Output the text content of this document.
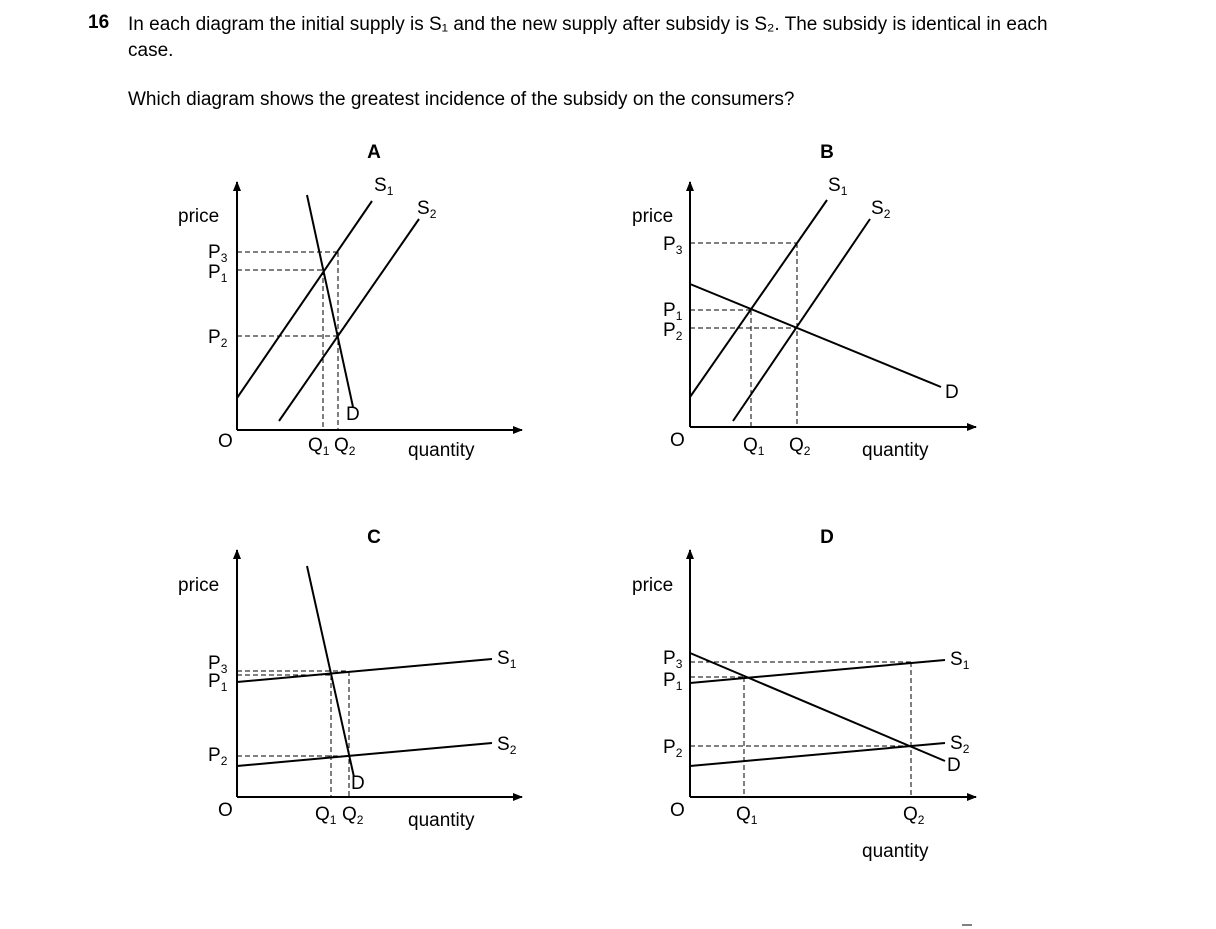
16 In each diagram the initial supply is S₁ and the new supply after subsidy is S₂. The subsidy is identical in each case.
Which diagram shows the greatest incidence of the subsidy on the consumers?
A
price
quantity
O
$S_1$
$S_2$
D
$P_3$
$P_1$
$P_2$
$Q_1$ $Q_2$
B
price
quantity
O
$S_1$
$S_2$
D
$P_3$
$P_1$
$P_2$
$Q_1$ $Q_2$
C
price
quantity
O
$S_1$
$S_2$
D
$P_3$
$P_1$
$P_2$
$Q_1$ $Q_2$
D
price
quantity
O
$S_1$
$S_2$
D
$P_3$
$P_1$
$P_2$
$Q_1$	$Q_2$
